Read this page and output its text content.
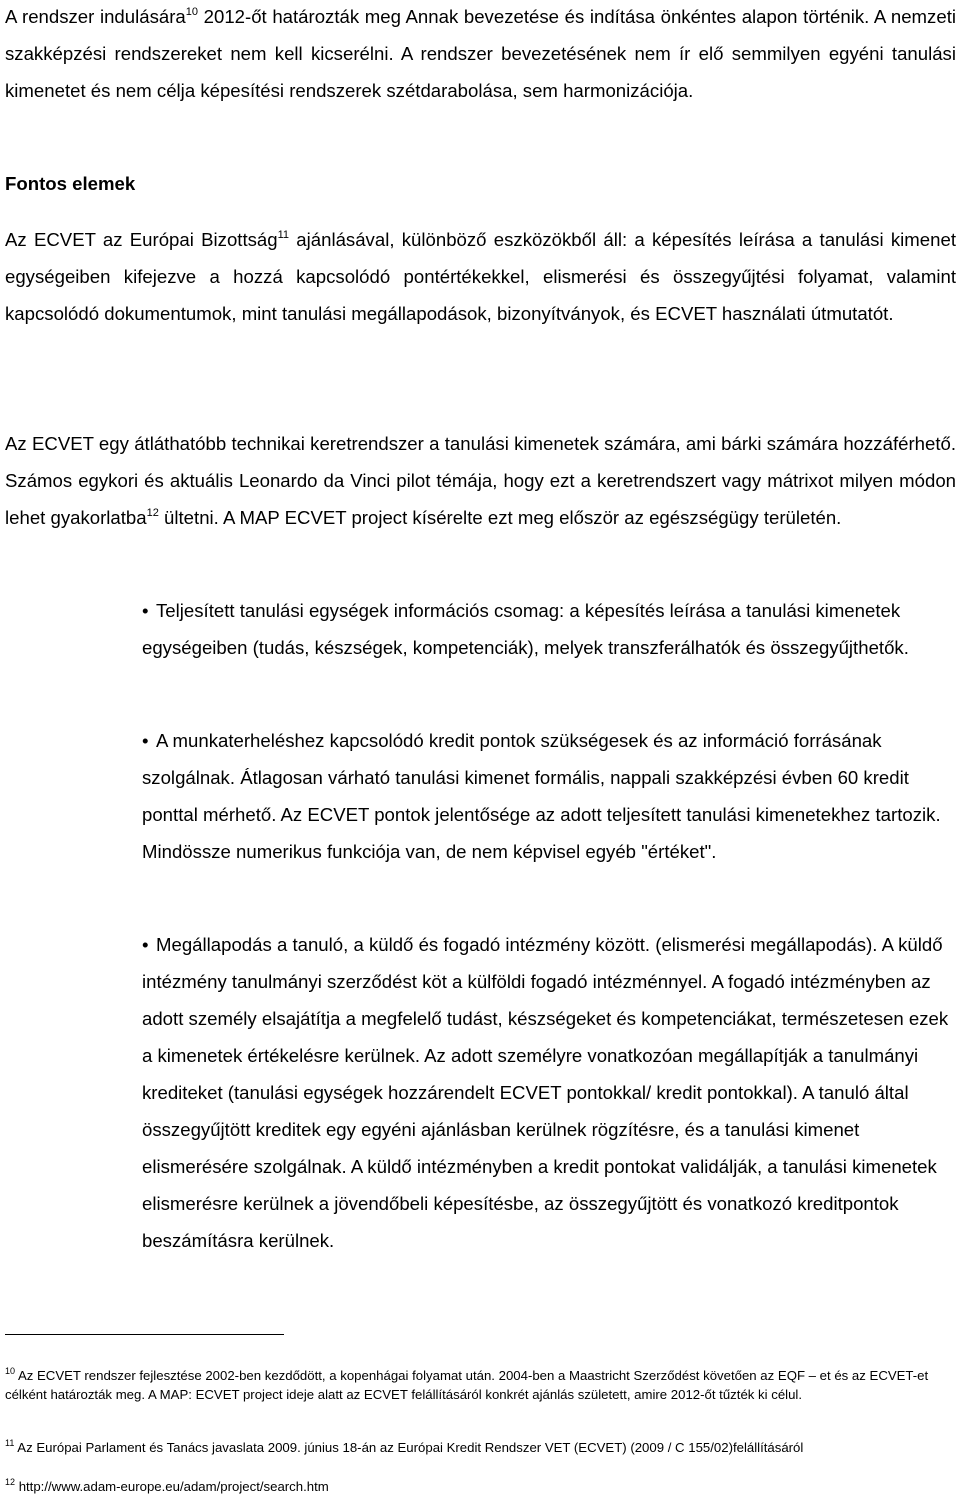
A rendszer indulására$^{10}$ 2012-őt határozták meg Annak bevezetése és indítása önkéntes alapon történik. A nemzeti szakképzési rendszereket nem kell kicserélni. A rendszer bevezetésének nem ír elő semmilyen egyéni tanulási kimenetet és nem célja képesítési rendszerek szétdarabolása, sem harmonizációja.

Fontos elemek

Az ECVET az Európai Bizottság$^{11}$ ajánlásával, különböző eszközökből áll: a képesítés leírása a tanulási kimenet egységeiben kifejezve a hozzá kapcsolódó pontértékekkel, elismerési és összegyűjtési folyamat, valamint kapcsolódó dokumentumok, mint tanulási megállapodások, bizonyítványok, és ECVET használati útmutatót.

Az ECVET egy átláthatóbb technikai keretrendszer a tanulási kimenetek számára, ami bárki számára hozzáférhető. Számos egykori és aktuális Leonardo da Vinci pilot témája, hogy ezt a keretrendszert vagy mátrixot milyen módon lehet gyakorlatba$^{12}$ ültetni. A MAP ECVET project kísérelte ezt meg először az egészségügy területén.

• Teljesített tanulási egységek információs csomag: a képesítés leírása a tanulási kimenetek egységeiben (tudás, készségek, kompetenciák), melyek transzferálhatók és összegyűjthetők.

• A munkaterheléshez kapcsolódó kredit pontok szükségesek és az információ forrásának szolgálnak. Átlagosan várható tanulási kimenet formális, nappali szakképzési évben 60 kredit ponttal mérhető. Az ECVET pontok jelentősége az adott teljesített tanulási kimenetekhez tartozik. Mindössze numerikus funkciója van, de nem képvisel egyéb "értéket".

• Megállapodás a tanuló, a küldő és fogadó intézmény között. (elismerési megállapodás). A küldő intézmény tanulmányi szerződést köt a külföldi fogadó intézménnyel. A fogadó intézményben az adott személy elsajátítja a megfelelő tudást, készségeket és kompetenciákat, természetesen ezek a kimenetek értékelésre kerülnek. Az adott személyre vonatkozóan megállapítják a tanulmányi krediteket (tanulási egységek hozzárendelt ECVET pontokkal/ kredit pontokkal). A tanuló által összegyűjtött kreditek egy egyéni ajánlásban kerülnek rögzítésre, és a tanulási kimenet elismerésére szolgálnak. A küldő intézményben a kredit pontokat validálják, a tanulási kimenetek elismerésre kerülnek a jövendőbeli képesítésbe, az összegyűjtött és vonatkozó kreditpontok beszámításra kerülnek.

$^{10}$ Az ECVET rendszer fejlesztése 2002-ben kezdődött, a kopenhágai folyamat után. 2004-ben a Maastricht Szerződést követően az EQF – et és az ECVET-et célként határozták meg. A MAP: ECVET project ideje alatt az ECVET felállításáról konkrét ajánlás született, amire 2012-őt tűzték ki célul.

$^{11}$ Az Európai Parlament és Tanács javaslata 2009. június 18-án az Európai Kredit Rendszer VET (ECVET) (2009 / C 155/02)felállításáról

$^{12}$ http://www.adam-europe.eu/adam/project/search.htm
